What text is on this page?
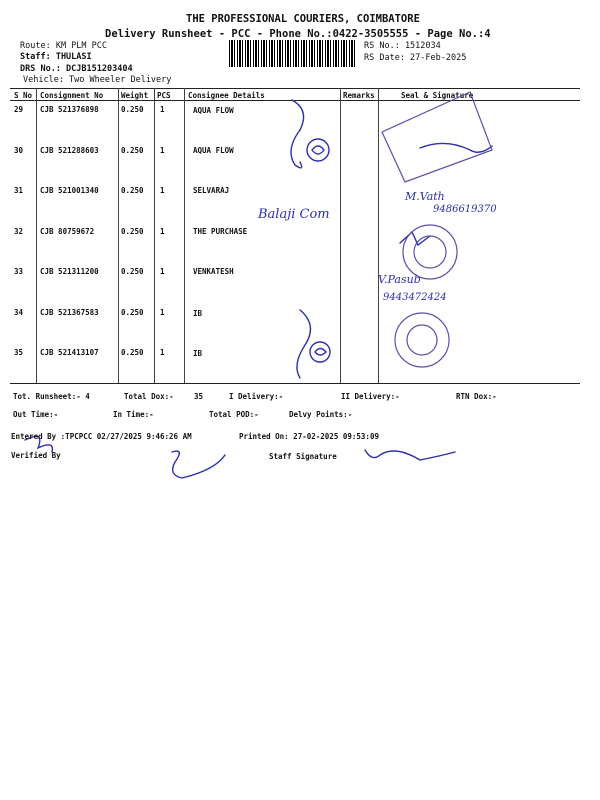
THE PROFESSIONAL COURIERS, COIMBATORE
Delivery Runsheet - PCC - Phone No.:0422-3505555 - Page No.:4
Route: KM PLM PCC
Staff: THULASI
DRS No.: DCJB151203404
Vehicle: Two Wheeler Delivery
RS No.: 1512034
RS Date: 27-Feb-2025
S No Consignment No Weight PCS Consignee Details	Remarks	Seal & Signature
29 CJB 521376898	0.250 1	AQUA FLOW
30 CJB 521288603	0.250 1	AQUA FLOW
31 CJB 521001340	0.250 1	SELVARAJ
32 CJB 80759672	0.250 1	THE PURCHASE
33 CJB 521311200	0.250 1	VENKATESH
34 CJB 521367583	0.250 1	IB
35 CJB 521413107	0.250 1	IB
Balaji Com
M.Vath
9486619370
V.Pasub
9443472424
Tot. Runsheet:- 4	Total Dox:-	35	I Delivery:-	II Delivery:-	RTN Dox:-
Out Time:-	In Time:-	Total POD:-	Delvy Points:-
Entered By :TPCPCC 02/27/2025 9:46:26 AM	Printed On: 27-02-2025 09:53:09
Verified By	Staff Signature
